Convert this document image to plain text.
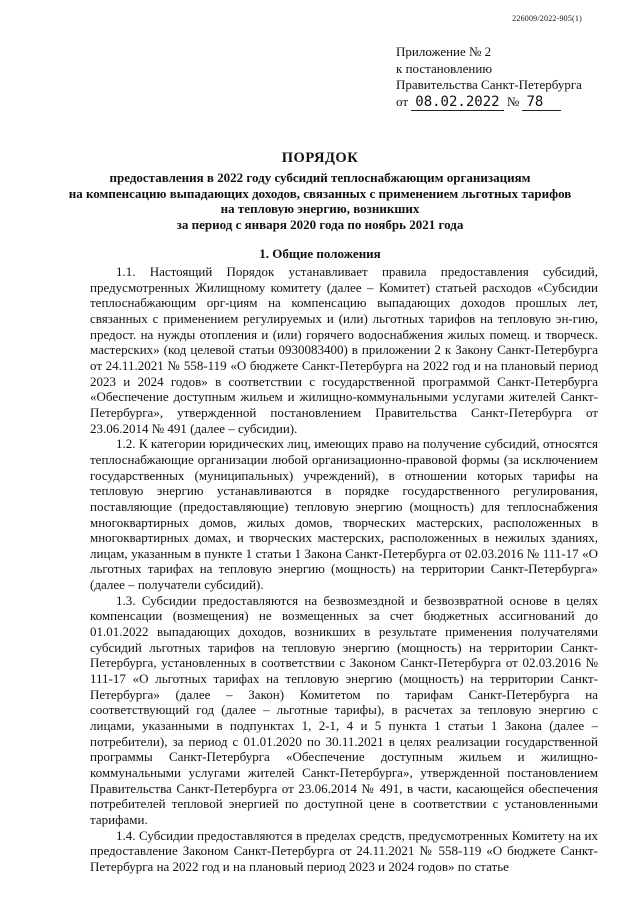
226009/2022-905(1)
Приложение № 2
к постановлению
Правительства Санкт-Петербурга
от 08.02.2022 № 78
ПОРЯДОК
предоставления в 2022 году субсидий теплоснабжающим организациям
на компенсацию выпадающих доходов, связанных с применением льготных тарифов
на тепловую энергию, возникших
за период с января 2020 года по ноябрь 2021 года
1. Общие положения

1.1. Настоящий Порядок устанавливает правила предоставления субсидий, предусмотренных Жилищному комитету (далее – Комитет) статьей расходов «Субсидии теплоснабжающим орг-циям на компенсацию выпадающих доходов прошлых лет, связанных с применением регулируемых и (или) льготных тарифов на тепловую эн-гию, предост. на нужды отопления и (или) горячего водоснабжения жилых помещ. и творческ. мастерских» (код целевой статьи 0930083400) в приложении 2 к Закону Санкт-Петербурга от 24.11.2021 № 558-119 «О бюджете Санкт-Петербурга на 2022 год и на плановый период 2023 и 2024 годов» в соответствии с государственной программой Санкт-Петербурга «Обеспечение доступным жильем и жилищно-коммунальными услугами жителей Санкт-Петербурга», утвержденной постановлением Правительства Санкт-Петербурга от 23.06.2014 № 491 (далее – субсидии).

1.2. К категории юридических лиц, имеющих право на получение субсидий, относятся теплоснабжающие организации любой организационно-правовой формы (за исключением государственных (муниципальных) учреждений), в отношении которых тарифы на тепловую энергию устанавливаются в порядке государственного регулирования, поставляющие (предоставляющие) тепловую энергию (мощность) для теплоснабжения многоквартирных домов, жилых домов, творческих мастерских, расположенных в многоквартирных домах, и творческих мастерских, расположенных в нежилых зданиях, лицам, указанным в пункте 1 статьи 1 Закона Санкт-Петербурга от 02.03.2016 № 111-17 «О льготных тарифах на тепловую энергию (мощность) на территории Санкт-Петербурга» (далее – получатели субсидий).

1.3. Субсидии предоставляются на безвозмездной и безвозвратной основе в целях компенсации (возмещения) не возмещенных за счет бюджетных ассигнований до 01.01.2022 выпадающих доходов, возникших в результате применения получателями субсидий льготных тарифов на тепловую энергию (мощность) на территории Санкт-Петербурга, установленных в соответствии с Законом Санкт-Петербурга от 02.03.2016 № 111-17 «О льготных тарифах на тепловую энергию (мощность) на территории Санкт-Петербурга» (далее – Закон) Комитетом по тарифам Санкт-Петербурга на соответствующий год (далее – льготные тарифы), в расчетах за тепловую энергию с лицами, указанными в подпунктах 1, 2-1, 4 и 5 пункта 1 статьи 1 Закона (далее – потребители), за период с 01.01.2020 по 30.11.2021 в целях реализации государственной программы Санкт-Петербурга «Обеспечение доступным жильем и жилищно-коммунальными услугами жителей Санкт-Петербурга», утвержденной постановлением Правительства Санкт-Петербурга от 23.06.2014 № 491, в части, касающейся обеспечения потребителей тепловой энергией по доступной цене в соответствии с установленными тарифами.

1.4. Субсидии предоставляются в пределах средств, предусмотренных Комитету на их предоставление Законом Санкт-Петербурга от 24.11.2021 № 558-119 «О бюджете Санкт-Петербурга на 2022 год и на плановый период 2023 и 2024 годов» по статье
